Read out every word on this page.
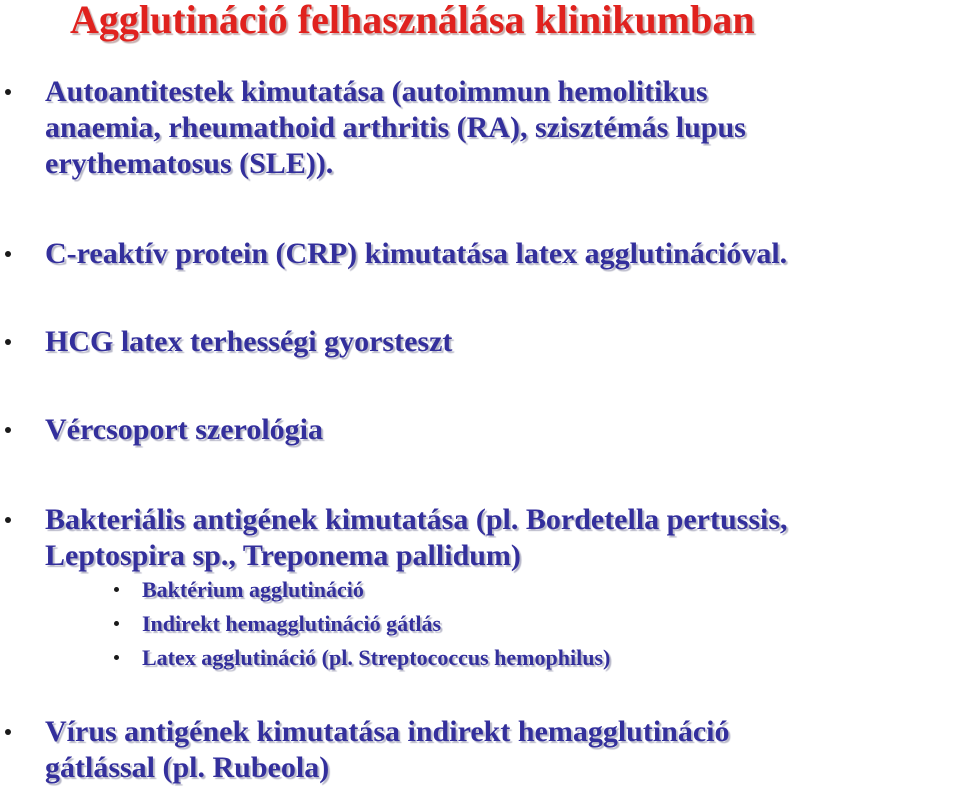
Agglutináció felhasználása klinikumban
Autoantitestek kimutatása (autoimmun hemolitikus
anaemia, rheumathoid arthritis (RA), szisztémás lupus
erythematosus (SLE)).
C-reaktív protein (CRP) kimutatása latex agglutinációval.
HCG latex terhességi gyorsteszt
Vércsoport szerológia
Bakteriális antigének kimutatása (pl. Bordetella pertussis,
Leptospira sp., Treponema pallidum)
Baktérium agglutináció
Indirekt hemagglutináció gátlás
Latex agglutináció (pl. Streptococcus hemophilus)
Vírus antigének kimutatása indirekt hemagglutináció
gátlással (pl. Rubeola)
